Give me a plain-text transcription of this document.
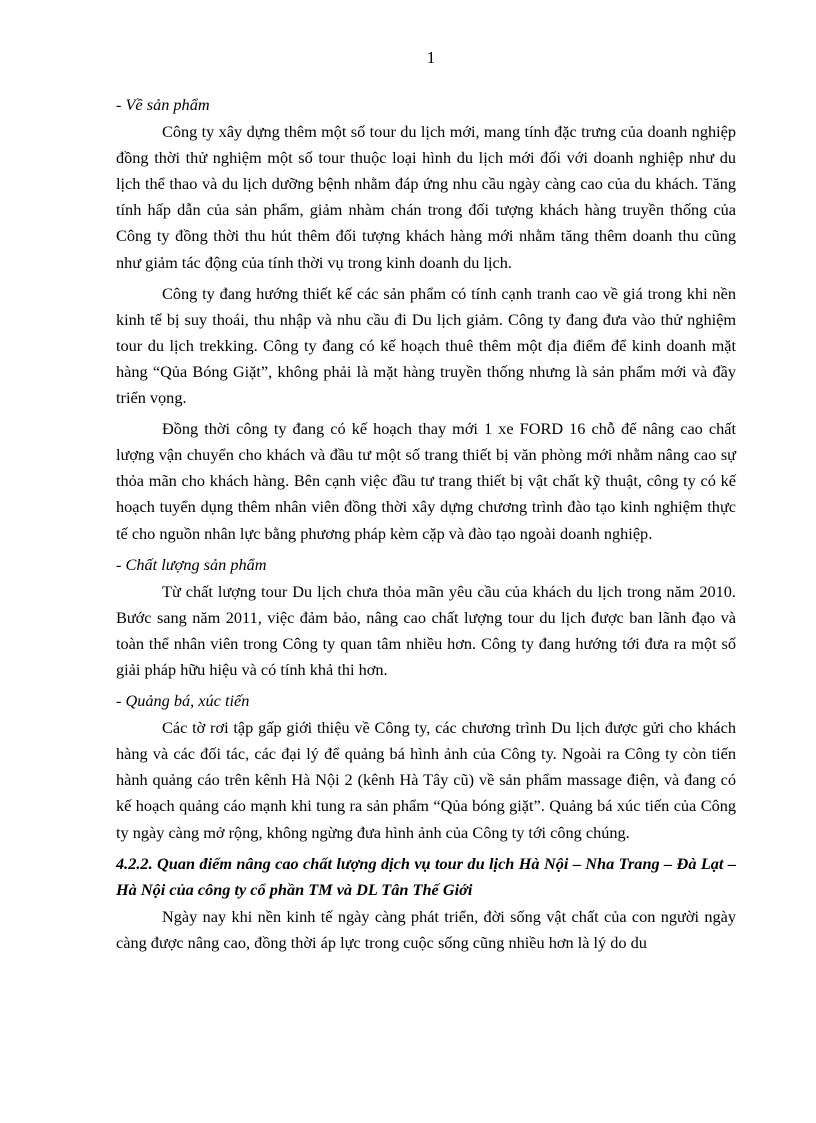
1
- Về sản phẩm
Công ty xây dựng thêm một số tour du lịch mới, mang tính đặc trưng của doanh nghiệp đồng thời thử nghiệm một số tour thuộc loại hình du lịch mới đối với doanh nghiệp như du lịch thể thao và du lịch dưỡng bệnh nhằm đáp ứng nhu cầu ngày càng cao của du khách. Tăng tính hấp dẫn của sản phẩm, giảm nhàm chán trong đối tượng khách hàng truyền thống của Công ty đồng thời thu hút thêm đối tượng khách hàng mới nhằm tăng thêm doanh thu cũng như giảm tác động của tính thời vụ trong kinh doanh du lịch.
Công ty đang hướng thiết kế các sản phẩm có tính cạnh tranh cao về giá trong khi nền kinh tế bị suy thoái, thu nhập và nhu cầu đi Du lịch giảm. Công ty đang đưa vào thử nghiệm tour du lịch trekking. Công ty đang có kế hoạch thuê thêm một địa điểm để kinh doanh mặt hàng “Qủa Bóng Giặt”, không phải là mặt hàng truyền thống nhưng là sản phẩm mới và đầy triển vọng.
Đồng thời công ty đang có kế hoạch thay mới 1 xe FORD 16 chỗ để nâng cao chất lượng vận chuyển cho khách và đầu tư một số trang thiết bị văn phòng mới nhằm nâng cao sự thỏa mãn cho khách hàng. Bên cạnh việc đầu tư trang thiết bị vật chất kỹ thuật, công ty có kế hoạch tuyển dụng thêm nhân viên đồng thời xây dựng chương trình đào tạo kinh nghiệm thực tế cho nguồn nhân lực bằng phương pháp kèm cặp và đào tạo ngoài doanh nghiệp.
- Chất lượng sản phẩm
Từ chất lượng tour Du lịch chưa thỏa mãn yêu cầu của khách du lịch trong năm 2010. Bước sang năm 2011, việc đảm bảo, nâng cao chất lượng tour du lịch được ban lãnh đạo và toàn thể nhân viên trong Công ty quan tâm nhiều hơn. Công ty đang hướng tới đưa ra một số giải pháp hữu hiệu và có tính khả thi hơn.
- Quảng bá, xúc tiến
Các tờ rơi tập gấp giới thiệu về Công ty, các chương trình Du lịch được gửi cho khách hàng và các đối tác, các đại lý để quảng bá hình ảnh của Công ty. Ngoài ra Công ty còn tiến hành quảng cáo trên kênh Hà Nội 2 (kênh Hà Tây cũ) về sản phẩm massage điện, và đang có kế hoạch quảng cáo mạnh khi tung ra sản phẩm “Qủa bóng giặt”. Quảng bá xúc tiến của Công ty ngày càng mở rộng, không ngừng đưa hình ảnh của Công ty tới công chúng.
4.2.2. Quan điểm nâng cao chất lượng dịch vụ tour du lịch Hà Nội – Nha Trang – Đà Lạt – Hà Nội của công ty cổ phần TM và DL Tân Thế Giới
Ngày nay khi nền kinh tế ngày càng phát triển, đời sống vật chất của con người ngày càng được nâng cao, đồng thời áp lực trong cuộc sống cũng nhiều hơn là lý do du
